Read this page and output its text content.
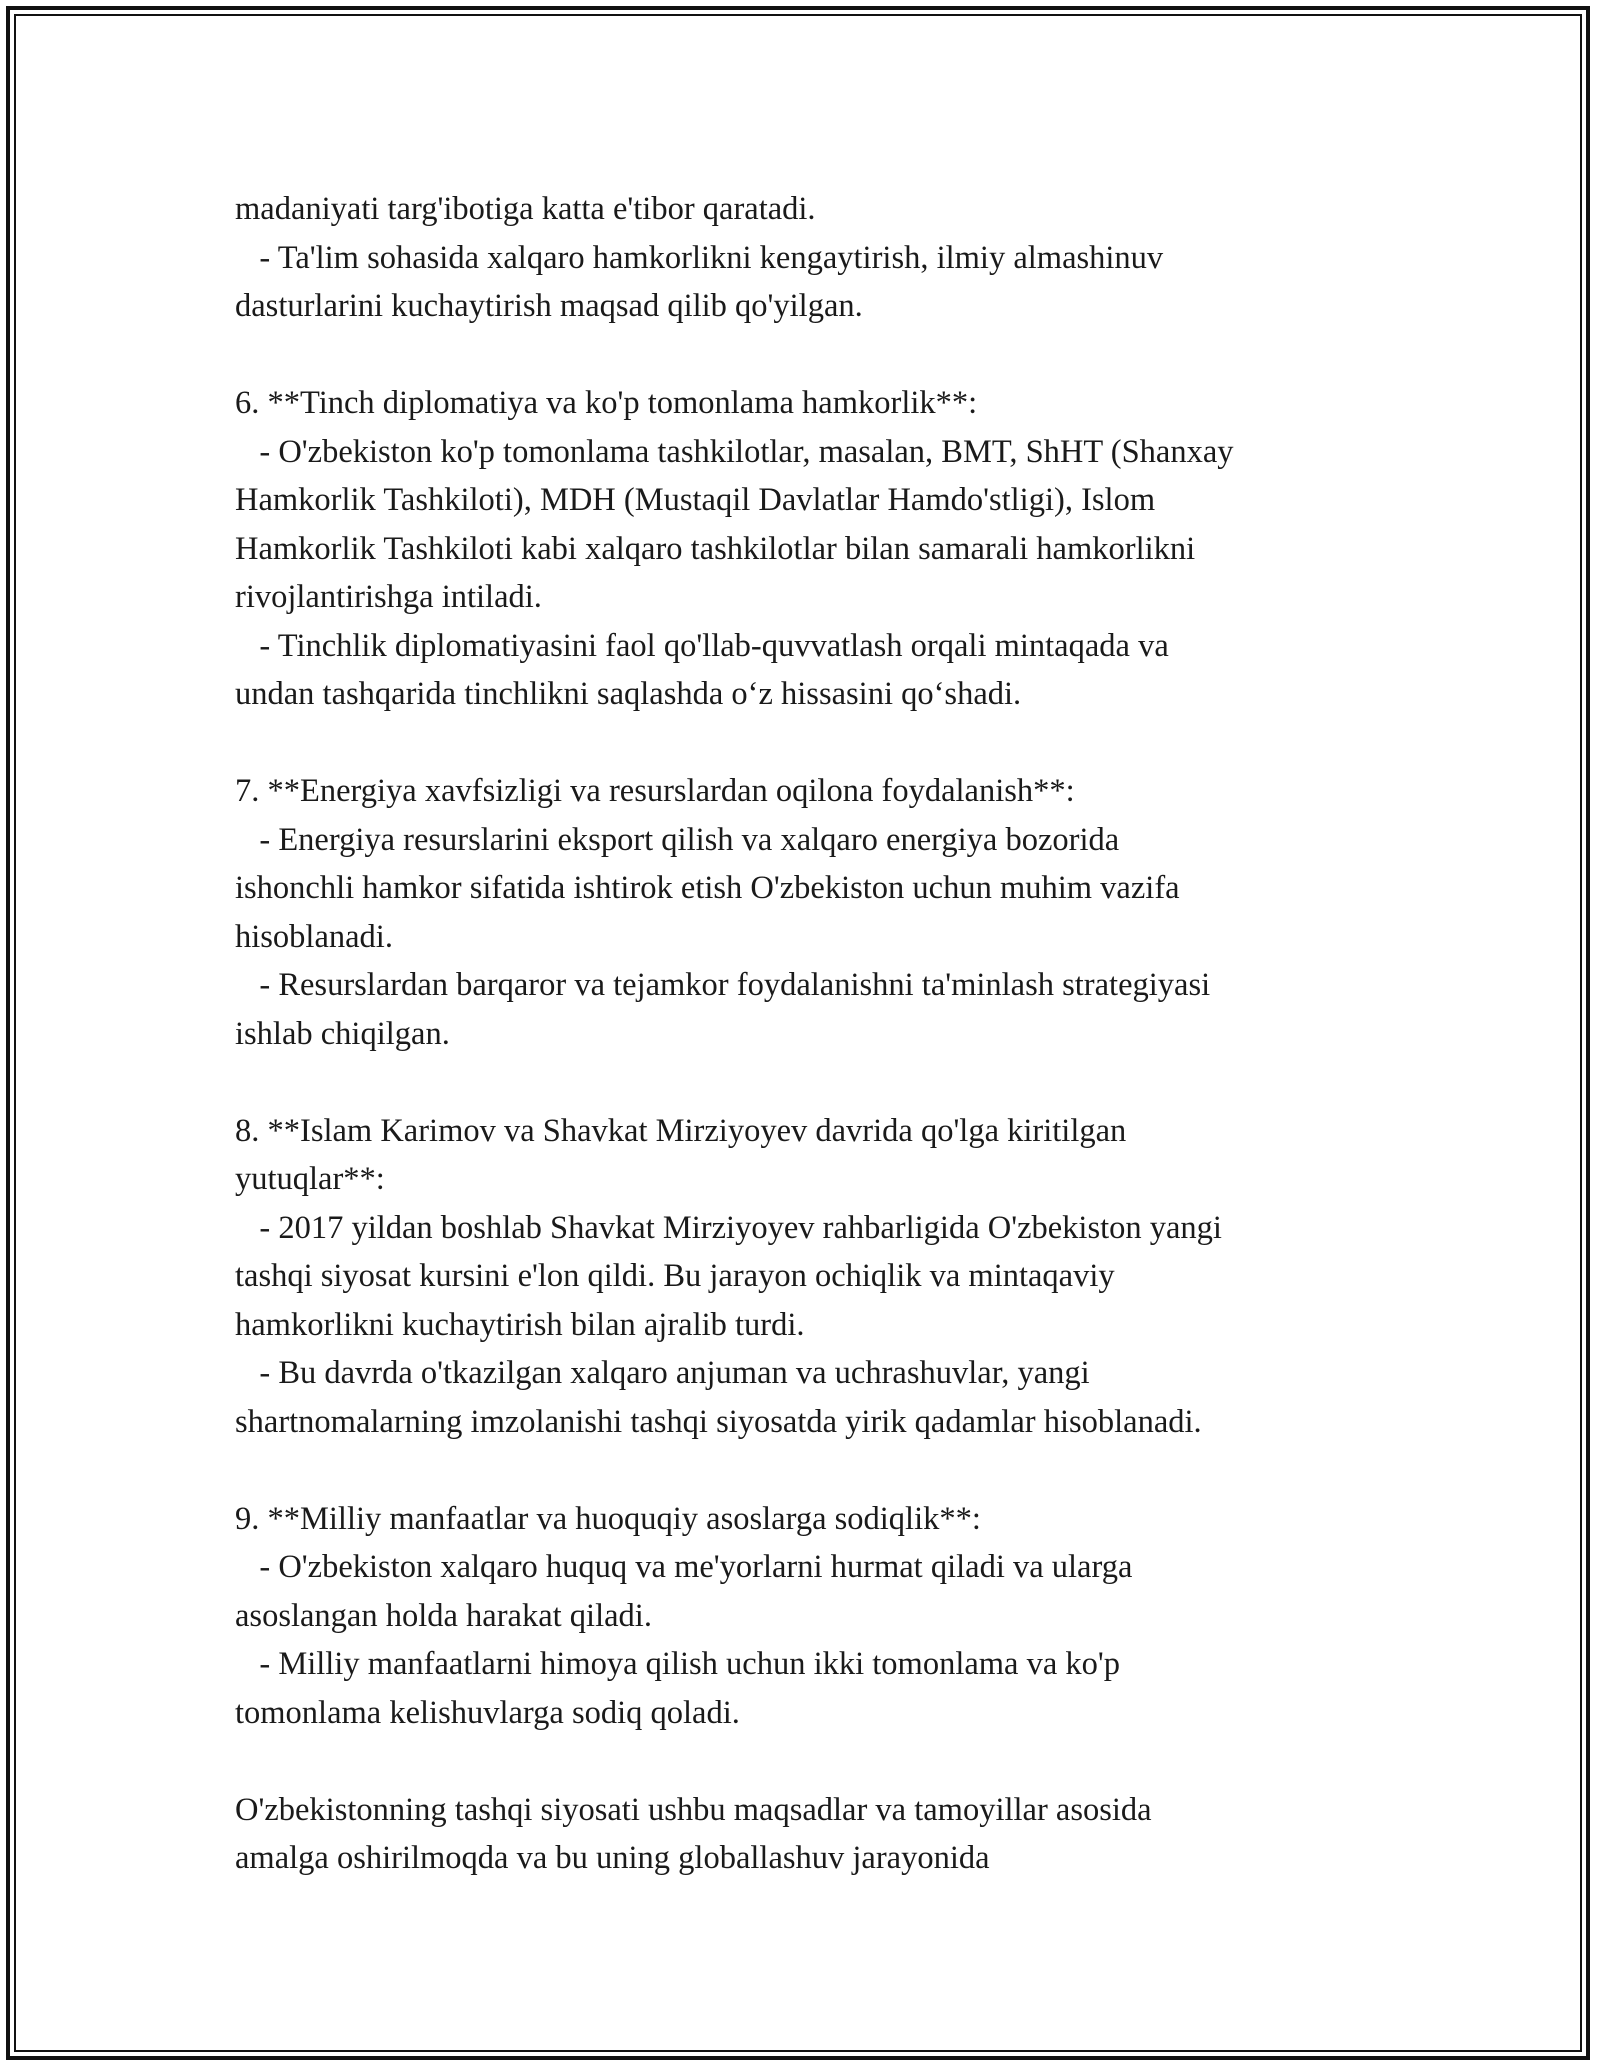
madaniyati targ'ibotiga katta e'tibor qaratadi.
- Ta'lim sohasida xalqaro hamkorlikni kengaytirish, ilmiy almashinuv
dasturlarini kuchaytirish maqsad qilib qo'yilgan.
6. **Tinch diplomatiya va ko'p tomonlama hamkorlik**:
- O'zbekiston ko'p tomonlama tashkilotlar, masalan, BMT, ShHT (Shanxay
Hamkorlik Tashkiloti), MDH (Mustaqil Davlatlar Hamdo'stligi), Islom
Hamkorlik Tashkiloti kabi xalqaro tashkilotlar bilan samarali hamkorlikni
rivojlantirishga intiladi.
- Tinchlik diplomatiyasini faol qo'llab-quvvatlash orqali mintaqada va
undan tashqarida tinchlikni saqlashda oʻz hissasini qoʻshadi.
7. **Energiya xavfsizligi va resurslardan oqilona foydalanish**:
- Energiya resurslarini eksport qilish va xalqaro energiya bozorida
ishonchli hamkor sifatida ishtirok etish O'zbekiston uchun muhim vazifa
hisoblanadi.
- Resurslardan barqaror va tejamkor foydalanishni ta'minlash strategiyasi
ishlab chiqilgan.
8. **Islam Karimov va Shavkat Mirziyoyev davrida qo'lga kiritilgan
yutuqlar**:
- 2017 yildan boshlab Shavkat Mirziyoyev rahbarligida O'zbekiston yangi
tashqi siyosat kursini e'lon qildi. Bu jarayon ochiqlik va mintaqaviy
hamkorlikni kuchaytirish bilan ajralib turdi.
- Bu davrda o'tkazilgan xalqaro anjuman va uchrashuvlar, yangi
shartnomalarning imzolanishi tashqi siyosatda yirik qadamlar hisoblanadi.
9. **Milliy manfaatlar va huoquqiy asoslarga sodiqlik**:
- O'zbekiston xalqaro huquq va me'yorlarni hurmat qiladi va ularga
asoslangan holda harakat qiladi.
- Milliy manfaatlarni himoya qilish uchun ikki tomonlama va ko'p
tomonlama kelishuvlarga sodiq qoladi.
O'zbekistonning tashqi siyosati ushbu maqsadlar va tamoyillar asosida
amalga oshirilmoqda va bu uning globallashuv jarayonida
